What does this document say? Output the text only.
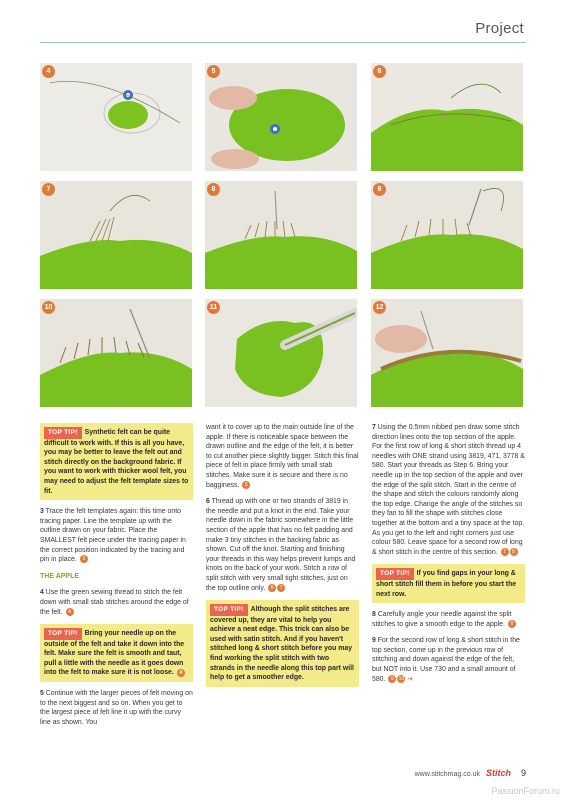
Project
4	5	6
7	8	9
10	11	12
TOP TIP! Synthetic felt can be quite difficult to work with. If this is all you have, you may be better to leave the felt out and stitch directly on the background fabric. If you want to work with thicker wool felt, you may need to adjust the felt template sizes to fit.

3 Trace the felt templates again: this time onto tracing paper. Line the template up with the outline drawn on your fabric. Place the SMALLEST felt piece under the tracing paper in the correct position indicated by the tracing and pin in place. 3

THE APPLE

4 Use the green sewing thread to stitch the felt down with small stab stitches around the edge of the felt. 4

TOP TIP! Bring your needle up on the outside of the felt and take it down into the felt. Make sure the felt is smooth and taut, pull a little with the needle as it goes down into the felt to make sure it is not loose. 4

5 Continue with the larger pieces of felt moving on to the next biggest and so on. When you get to the largest piece of felt line it up with the curvy line as shown. You

want it to cover up to the main outside line of the apple. If there is noticeable space between the drawn outline and the edge of the felt, it is better to cut another piece slightly bigger. Stitch this final piece of felt in place firmly with small stab stitches. Make sure it is secure and there is no bagginess. 5

6 Thread up with one or two strands of 3819 in the needle and put a knot in the end. Take your needle down in the fabric somewhere in the little section of the apple that has no felt padding and make 3 tiny stitches in the backing fabric as shown. Cut off the knot. Starting and finishing your threads in this way helps prevent lumps and knots on the back of your work. Stitch a row of split stitch with very small tight stitches, just on the top outline only. 6 7

TOP TIP! Although the split stitches are covered up, they are vital to help you achieve a neat edge. This trick can also be used with satin stitch. And if you haven't stitched long & short stitch before you may find working the split stitch with two strands in the needle along this top part will help to get a smoother edge.

7 Using the 0.5mm nibbed pen draw some stitch direction lines onto the top section of the apple. For the first row of long & short stitch thread up 4 needles with ONE strand using 3819, 471, 3778 & 580. Start your threads as Step 6. Bring your needle up in the top section of the apple and over the edge of the split stitch. Start in the centre of the shape and stitch the colours randomly along the top edge. Change the angle of the stitches so they fan to fill the shape with stitches close together at the bottom and a tiny space at the top. As you get to the left and right corners just use colour 580. Leave space for a second row of long & short stitch in the centre of this section. 7 8

TOP TIP! If you find gaps in your long & short stitch fill them in before you start the next row.

8 Carefully angle your needle against the split stitches to give a smooth edge to the apple. 8

9 For the second row of long & short stitch in the top section, come up in the previous row of stitching and down against the edge of the felt, but NOT into it. Use 730 and a small amount of 580. 9 10 ➔

www.stitchmag.co.uk Stitch 9
PassionForum.ru
